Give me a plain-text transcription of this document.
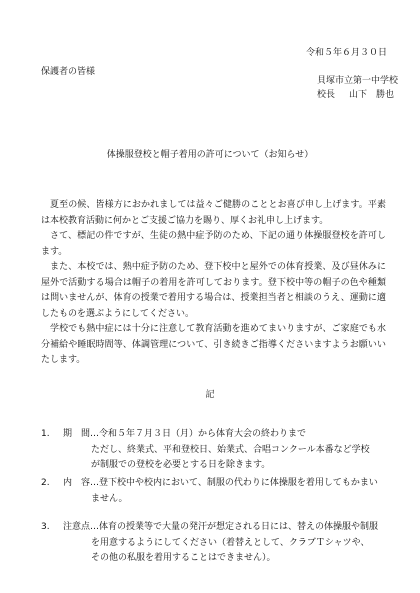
令和５年６月３０日
保護者の皆様
貝塚市立第一中学校
校長 山下　勝也
体操服登校と帽子着用の許可について（お知らせ）

夏至の候、皆様方におかれましては益々ご健勝のこととお喜び申し上げます。平素は本校教育活動に何かとご支援ご協力を賜り、厚くお礼申し上げます。

さて、標記の件ですが、生徒の熱中症予防のため、下記の通り体操服登校を許可します。

また、本校では、熱中症予防のため、登下校中と屋外での体育授業、及び昼休みに屋外で活動する場合は帽子の着用を許可しております。登下校中等の帽子の色や種類は問いませんが、体育の授業で着用する場合は、授業担当者と相談のうえ、運動に適したものを選ぶようにしてください。

学校でも熱中症には十分に注意して教育活動を進めてまいりますが、ご家庭でも水分補給や睡眠時間等、体調管理について、引き続きご指導くださいますようお願いいたします。

記
1. 期　間… 令和５年７月３日（月）から体育大会の終わりまで
ただし、終業式、平和登校日、始業式、合唱コンクール本番など学校
が制服での登校を必要とする日を除きます。
2. 内　容… 登下校中や校内において、制服の代わりに体操服を着用してもかまい
ません。
3. 注意点… 体育の授業等で大量の発汗が想定される日には、替えの体操服や制服
を用意するようにしてください（着替えとして、クラブＴシャツや、
その他の私服を着用することはできません）。
